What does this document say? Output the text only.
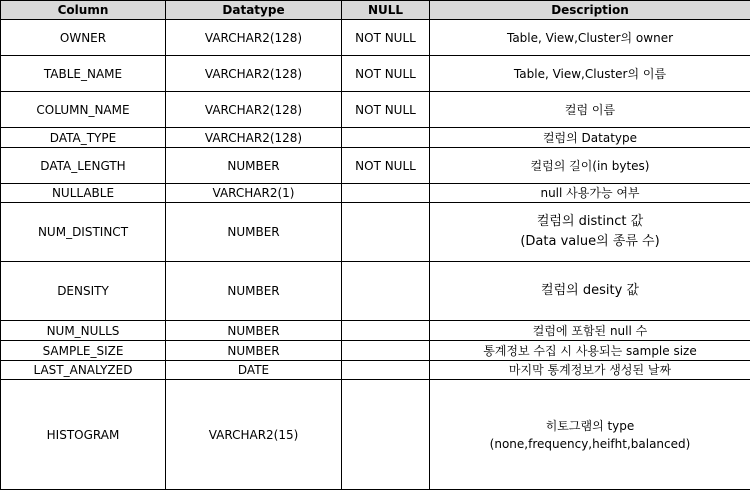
Column	Datatype	NULL	Description
OWNER	VARCHAR2(128)	NOT NULL	Table, View,Cluster의 owner
TABLE_NAME	VARCHAR2(128)	NOT NULL	Table, View,Cluster의 이름
COLUMN_NAME	VARCHAR2(128)	NOT NULL	컬럼 이름
DATA_TYPE	VARCHAR2(128)		컬럼의 Datatype
DATA_LENGTH	NUMBER	NOT NULL	컬럼의 길이(in bytes)
NULLABLE	VARCHAR2(1)		null 사용가능 여부
NUM_DISTINCT	NUMBER		컬럼의 distinct 값
(Data value의 종류 수)

DENSITY	NUMBER		컬럼의 desity 값
NUM_NULLS	NUMBER		컬럼에 포함된 null 수
SAMPLE_SIZE	NUMBER		통계정보 수집 시 사용되는 sample size
LAST_ANALYZED	DATE		마지막 통계정보가 생성된 날짜
HISTOGRAM	VARCHAR2(15)		히토그램의 type
(none,frequency,heifht,balanced)
